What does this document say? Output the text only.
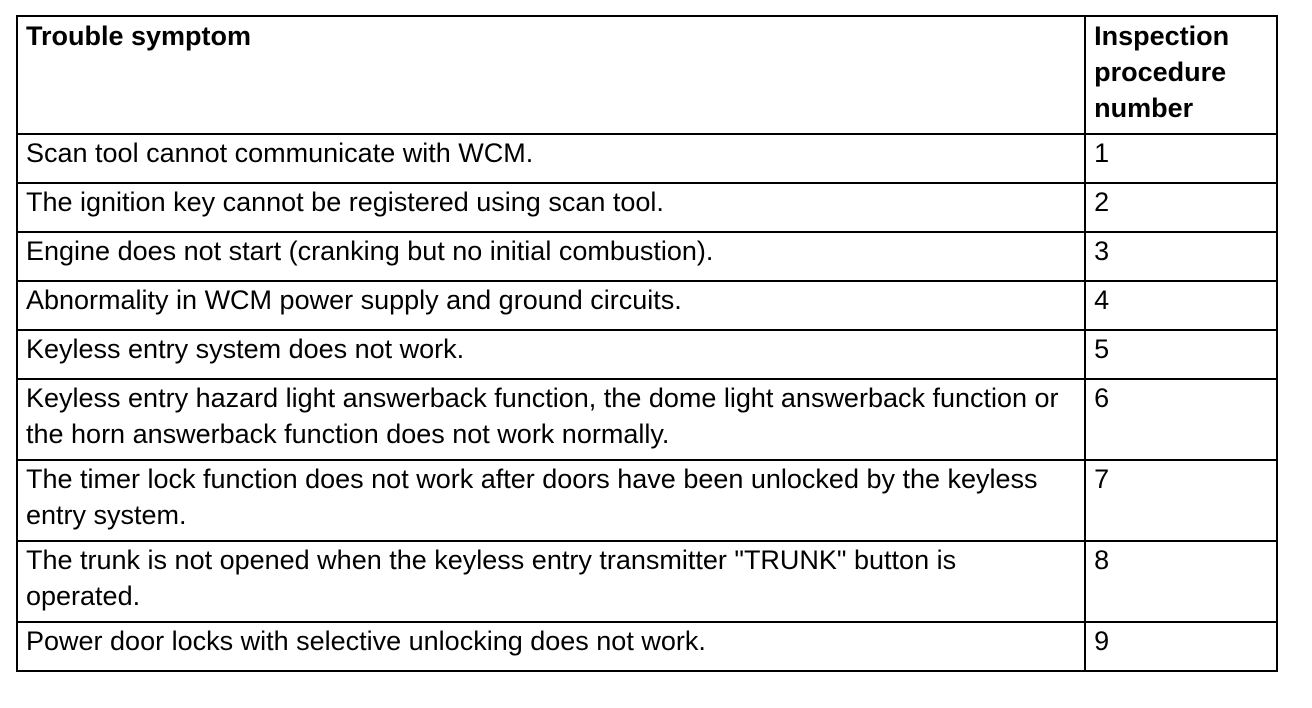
Trouble symptom	Inspection procedure number
Scan tool cannot communicate with WCM.	1
The ignition key cannot be registered using scan tool.	2
Engine does not start (cranking but no initial combustion).	3
Abnormality in WCM power supply and ground circuits.	4
Keyless entry system does not work.	5
Keyless entry hazard light answerback function, the dome light answerback function or the horn answerback function does not work normally.	6
The timer lock function does not work after doors have been unlocked by the keyless entry system.	7
The trunk is not opened when the keyless entry transmitter "TRUNK" button is operated.	8
Power door locks with selective unlocking does not work.	9
